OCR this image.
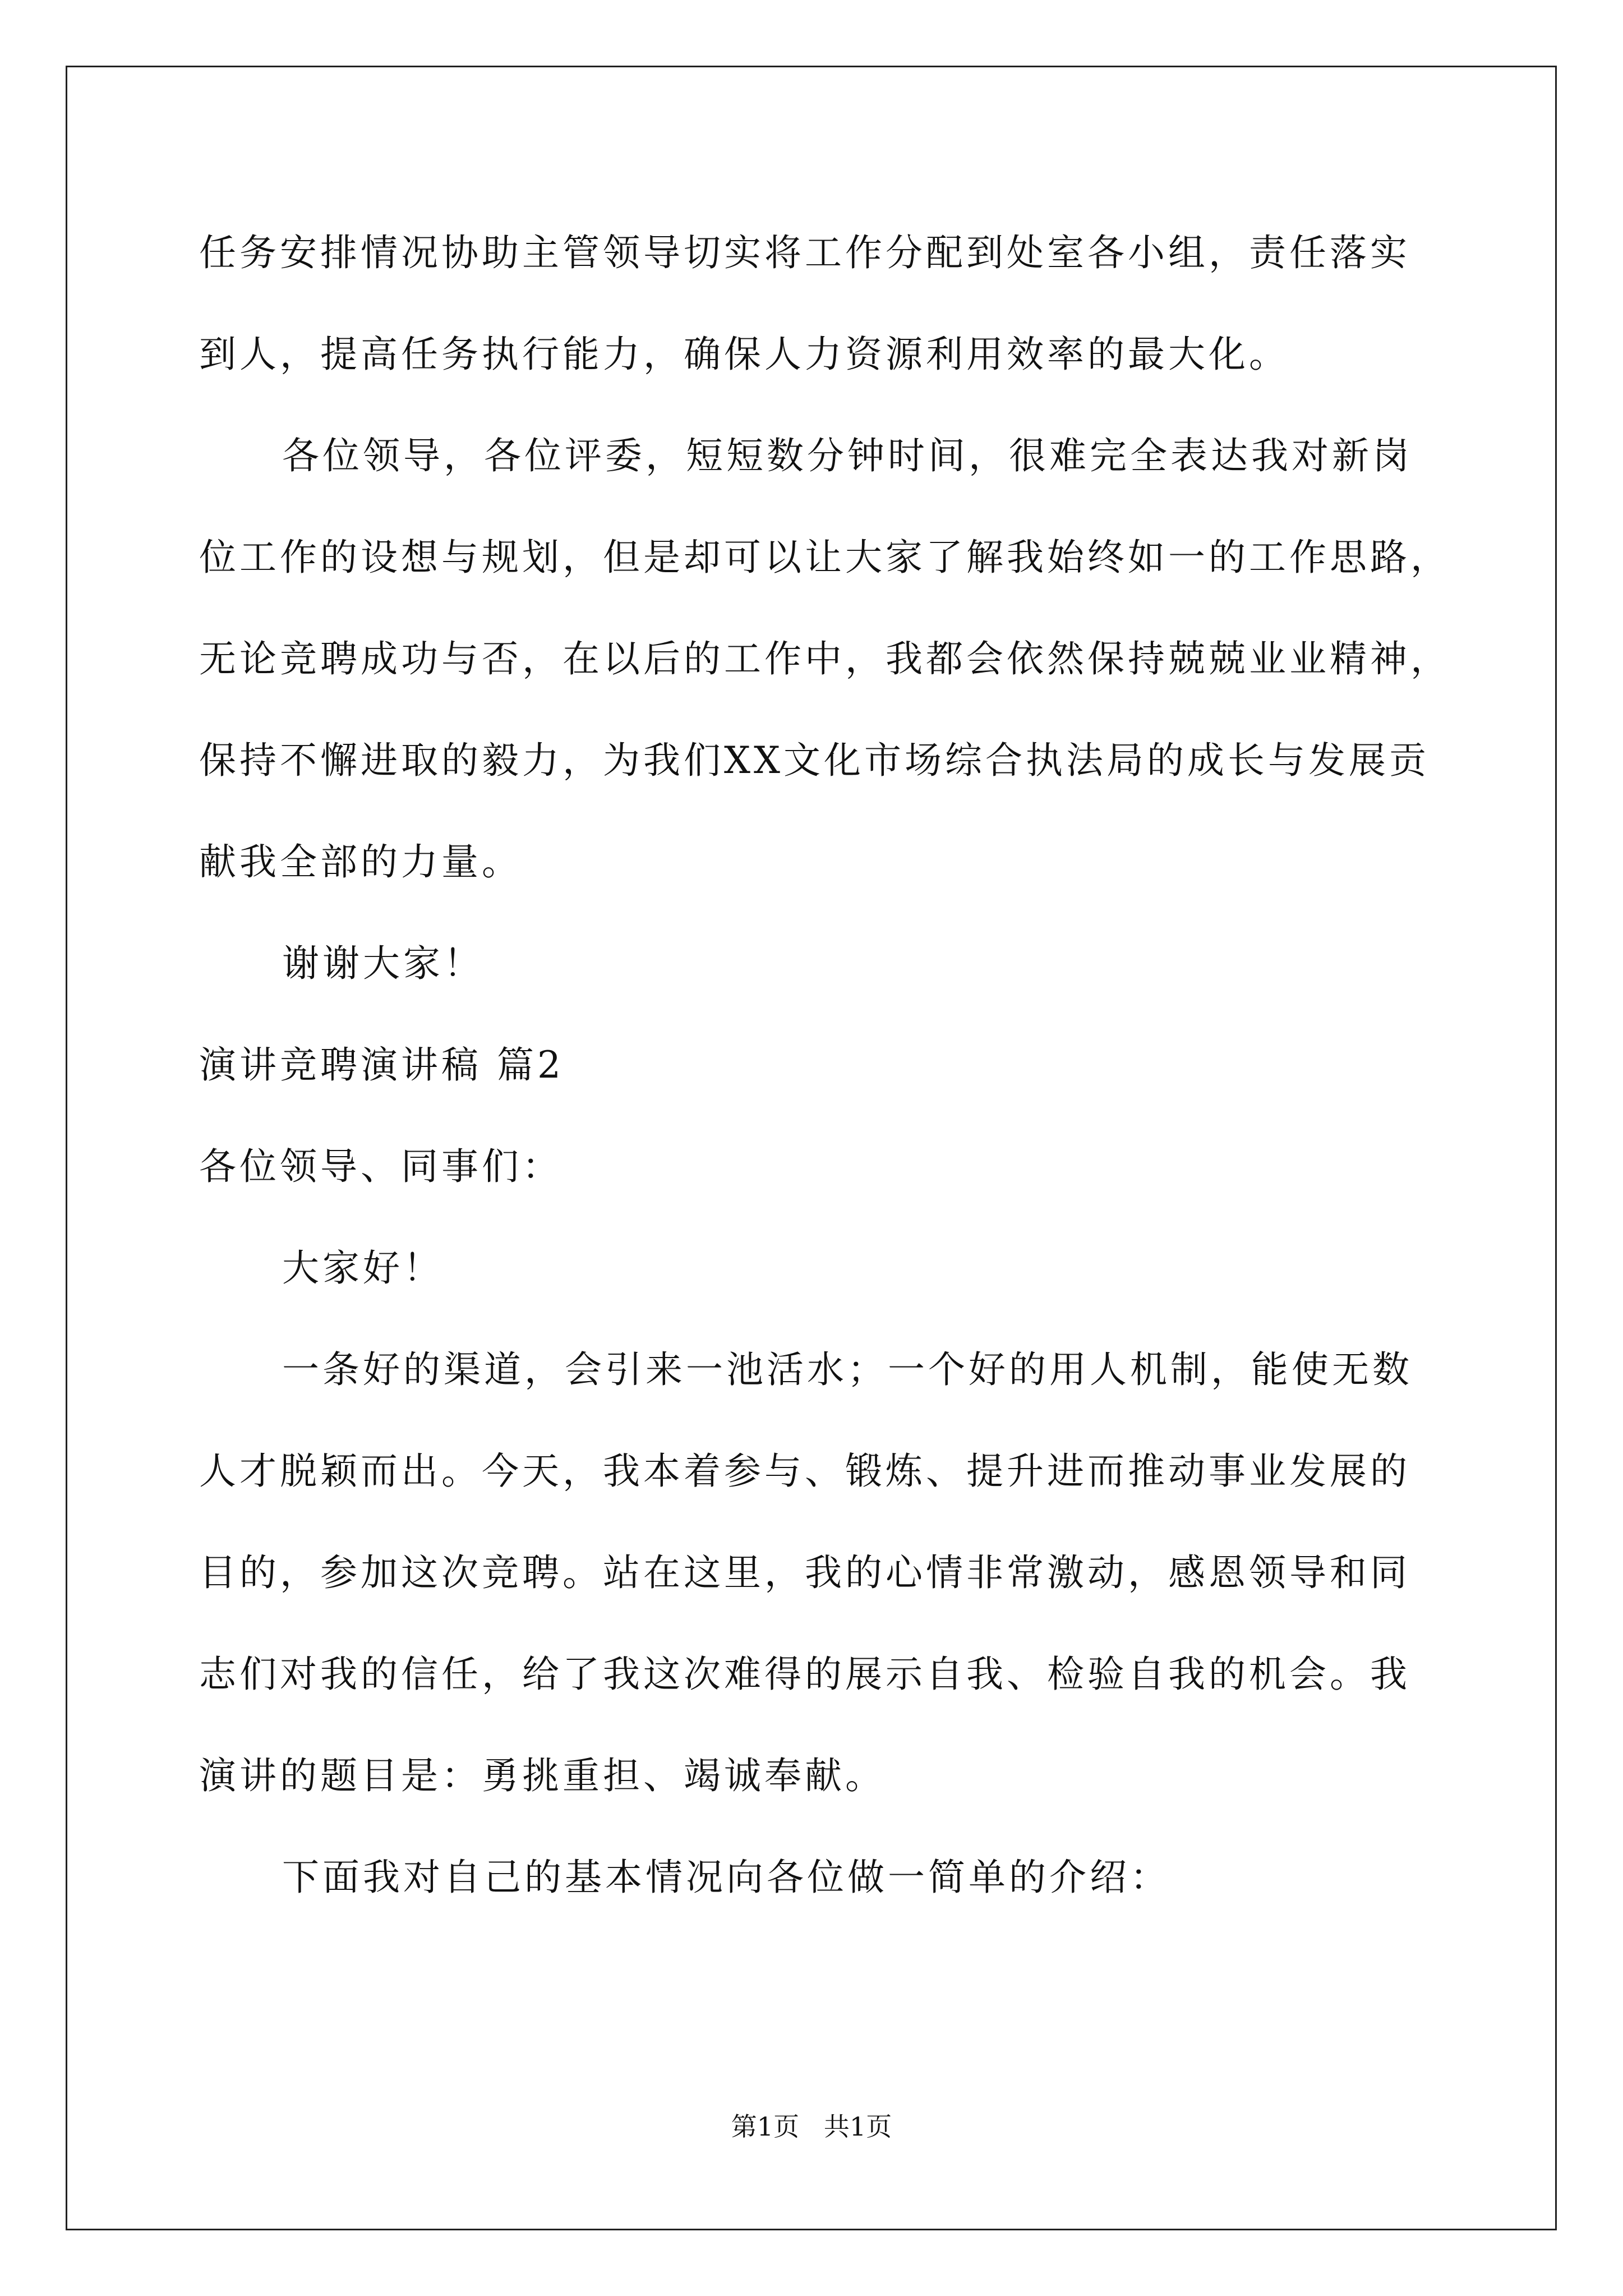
任务安排情况协助主管领导切实将工作分配到处室各小组，责任落实
到人，提高任务执行能力，确保人力资源利用效率的最大化。
各位领导，各位评委，短短数分钟时间，很难完全表达我对新岗
位工作的设想与规划，但是却可以让大家了解我始终如一的工作思路，
无论竞聘成功与否，在以后的工作中，我都会依然保持兢兢业业精神，
保持不懈进取的毅力，为我们XX文化市场综合执法局的成长与发展贡
献我全部的力量。
谢谢大家！
演讲竞聘演讲稿 篇2
各位领导、同事们：
大家好！
一条好的渠道，会引来一池活水；一个好的用人机制，能使无数
人才脱颖而出。今天，我本着参与、锻炼、提升进而推动事业发展的
目的，参加这次竞聘。站在这里，我的心情非常激动，感恩领导和同
志们对我的信任，给了我这次难得的展示自我、检验自我的机会。我
演讲的题目是：勇挑重担、竭诚奉献。
下面我对自己的基本情况向各位做一简单的介绍：
第1页   共1页
